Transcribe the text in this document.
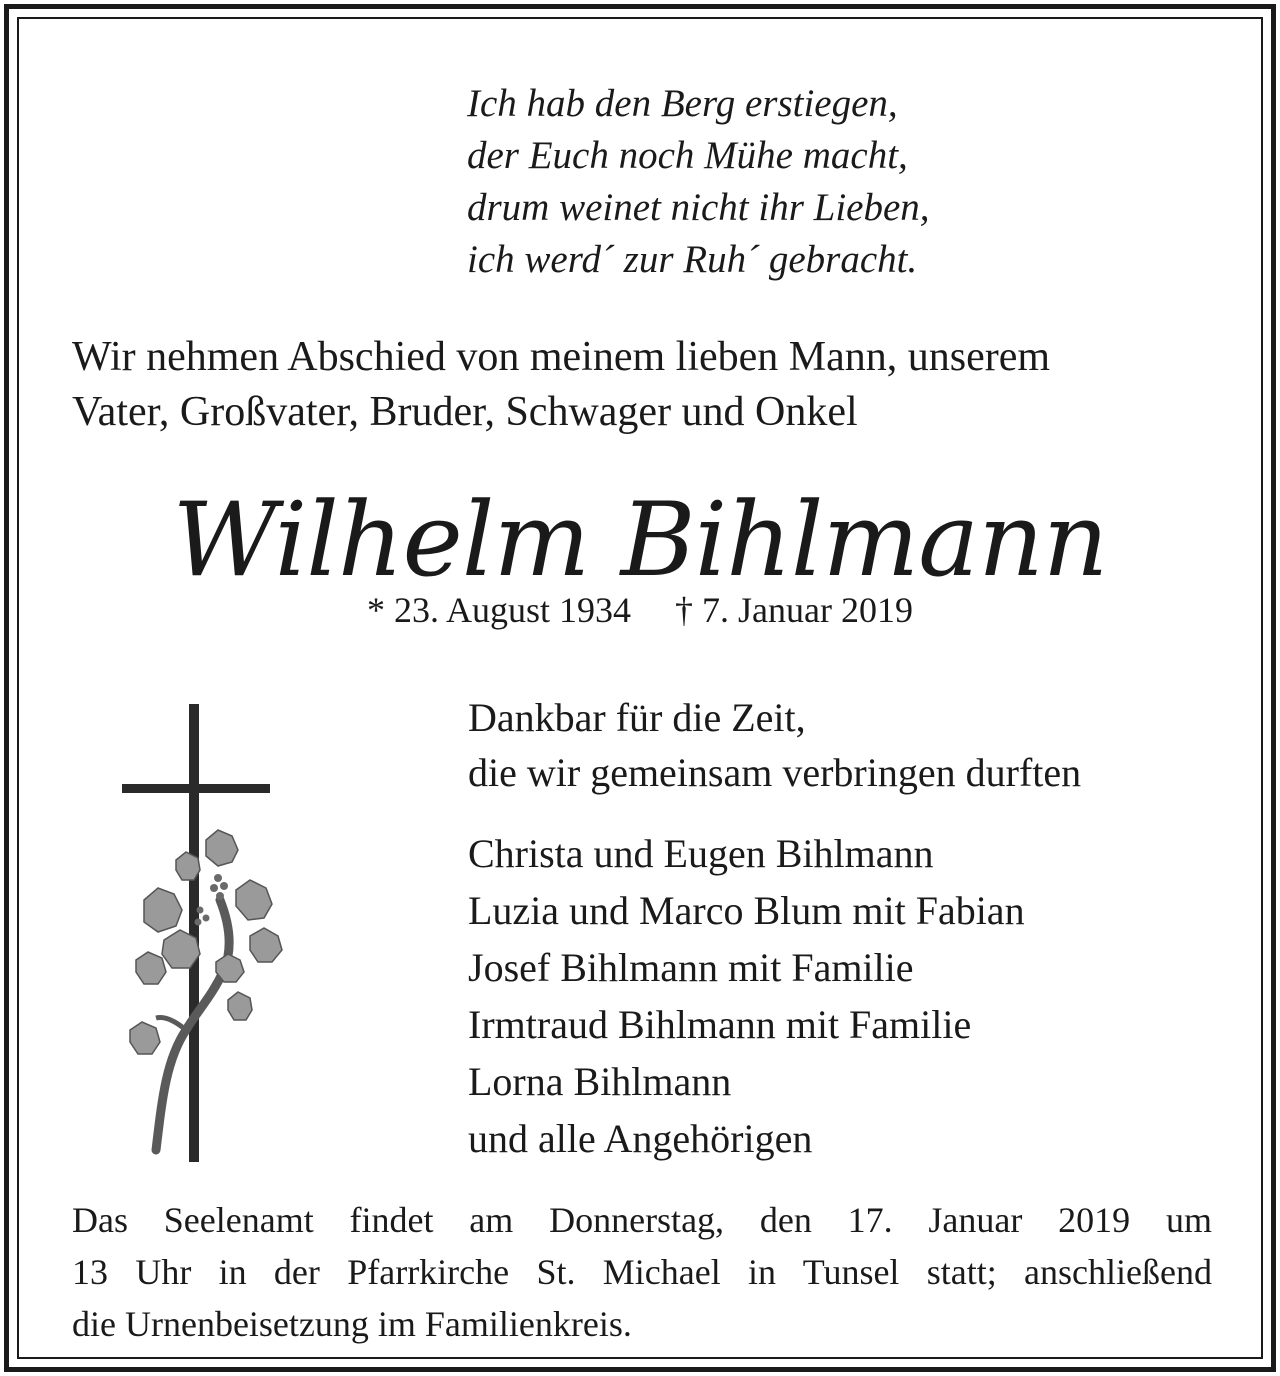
Ich hab den Berg erstiegen,
der Euch noch Mühe macht,
drum weinet nicht ihr Lieben,
ich werd´ zur Ruh´ gebracht.
Wir nehmen Abschied von meinem lieben Mann, unserem
Vater, Großvater, Bruder, Schwager und Onkel
Wilhelm Bihlmann
* 23. August 1934 † 7. Januar 2019
Dankbar für die Zeit,
die wir gemeinsam verbringen durften
Christa und Eugen Bihlmann
Luzia und Marco Blum mit Fabian
Josef Bihlmann mit Familie
Irmtraud Bihlmann mit Familie
Lorna Bihlmann
und alle Angehörigen
Das Seelenamt findet am Donnerstag, den 17. Januar 2019 um
13 Uhr in der Pfarrkirche St. Michael in Tunsel statt; anschließend
die Urnenbeisetzung im Familienkreis.
